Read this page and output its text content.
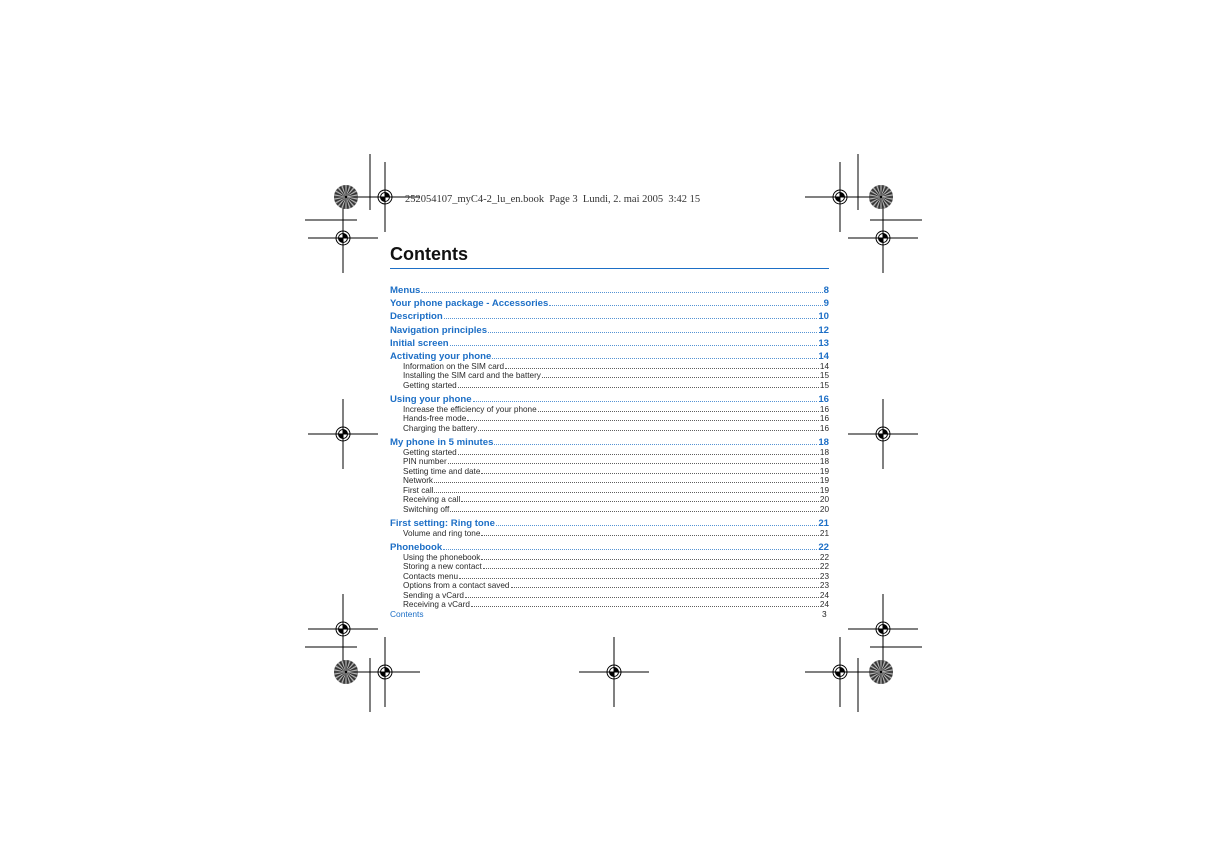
252054107_myC4-2_lu_en.book  Page 3  Lundi, 2. mai 2005  3:42 15
Contents
Menus	8
Your phone package - Accessories	9
Description	10
Navigation principles	12
Initial screen	13
Activating your phone	14
Information on the SIM card	14
Installing the SIM card and the battery	15
Getting started	15
Using your phone	16
Increase the efficiency of your phone	16
Hands-free mode	16
Charging the battery	16
My phone in 5 minutes	18
Getting started	18
PIN number	18
Setting time and date	19
Network	19
First call	19
Receiving a call	20
Switching off	20
First setting: Ring tone	21
Volume and ring tone	21
Phonebook	22
Using the phonebook	22
Storing a new contact	22
Contacts menu	23
Options from a contact saved	23
Sending a vCard	24
Receiving a vCard	24
Contents	3
